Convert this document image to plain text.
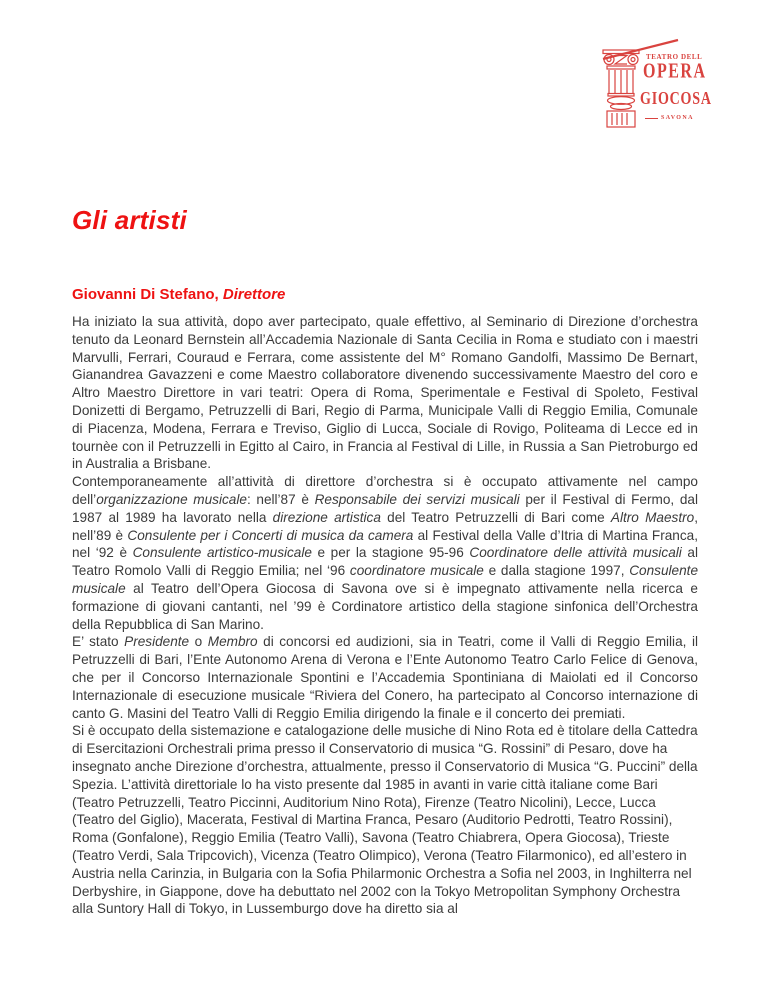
TEATRO DELL
OPERA
GIOCOSA
SAVONA
Gli artisti
Giovanni Di Stefano, Direttore

Ha iniziato la sua attività, dopo aver partecipato, quale effettivo, al Seminario di Direzione d’orchestra tenuto da Leonard Bernstein all’Accademia Nazionale di Santa Cecilia in Roma e studiato con i maestri Marvulli, Ferrari, Couraud e Ferrara, come assistente del M° Romano Gandolfi, Massimo De Bernart, Gianandrea Gavazzeni e come Maestro collaboratore divenendo successivamente Maestro del coro e Altro Maestro Direttore in vari teatri: Opera di Roma, Sperimentale e Festival di Spoleto, Festival Donizetti di Bergamo, Petruzzelli di Bari, Regio di Parma, Municipale Valli di Reggio Emilia, Comunale di Piacenza, Modena, Ferrara e Treviso, Giglio di Lucca, Sociale di Rovigo, Politeama di Lecce ed in tournèe con il Petruzzelli in Egitto al Cairo, in Francia al Festival di Lille, in Russia a San Pietroburgo ed in Australia a Brisbane.

Contemporaneamente all’attività di direttore d’orchestra si è occupato attivamente nel campo dell’organizzazione musicale: nell’87 è Responsabile dei servizi musicali per il Festival di Fermo, dal 1987 al 1989 ha lavorato nella direzione artistica del Teatro Petruzzelli di Bari come Altro Maestro, nell’89 è Consulente per i Concerti di musica da camera al Festival della Valle d’Itria di Martina Franca, nel ‘92 è Consulente artistico-musicale e per la stagione 95-96 Coordinatore delle attività musicali al Teatro Romolo Valli di Reggio Emilia; nel ‘96 coordinatore musicale e dalla stagione 1997, Consulente musicale al Teatro dell’Opera Giocosa di Savona ove si è impegnato attivamente nella ricerca e formazione di giovani cantanti, nel ’99 è Cordinatore artistico della stagione sinfonica dell’Orchestra della Repubblica di San Marino.

E’ stato Presidente o Membro di concorsi ed audizioni, sia in Teatri, come il Valli di Reggio Emilia, il Petruzzelli di Bari, l’Ente Autonomo Arena di Verona e l’Ente Autonomo Teatro Carlo Felice di Genova, che per il Concorso Internazionale Spontini e l’Accademia Spontiniana di Maiolati ed il Concorso Internazionale di esecuzione musicale “Riviera del Conero, ha partecipato al Concorso internazione di canto G. Masini del Teatro Valli di Reggio Emilia dirigendo la finale e il concerto dei premiati.

Si è occupato della sistemazione e catalogazione delle musiche di Nino Rota ed è titolare della Cattedra di Esercitazioni Orchestrali prima presso il Conservatorio di musica “G. Rossini” di Pesaro, dove ha insegnato anche Direzione d’orchestra, attualmente, presso il Conservatorio di Musica “G. Puccini” della Spezia. L’attività direttoriale lo ha visto presente dal 1985 in avanti in varie città italiane come Bari (Teatro Petruzzelli, Teatro Piccinni, Auditorium Nino Rota), Firenze (Teatro Nicolini), Lecce, Lucca (Teatro del Giglio), Macerata, Festival di Martina Franca, Pesaro (Auditorio Pedrotti, Teatro Rossini), Roma (Gonfalone), Reggio Emilia (Teatro Valli), Savona (Teatro Chiabrera, Opera Giocosa), Trieste (Teatro Verdi, Sala Tripcovich), Vicenza (Teatro Olimpico), Verona (Teatro Filarmonico), ed all’estero in Austria nella Carinzia, in Bulgaria con la Sofia Philarmonic Orchestra a Sofia nel 2003, in Inghilterra nel Derbyshire, in Giappone, dove ha debuttato nel 2002 con la Tokyo Metropolitan Symphony Orchestra alla Suntory Hall di Tokyo, in Lussemburgo dove ha diretto sia al
